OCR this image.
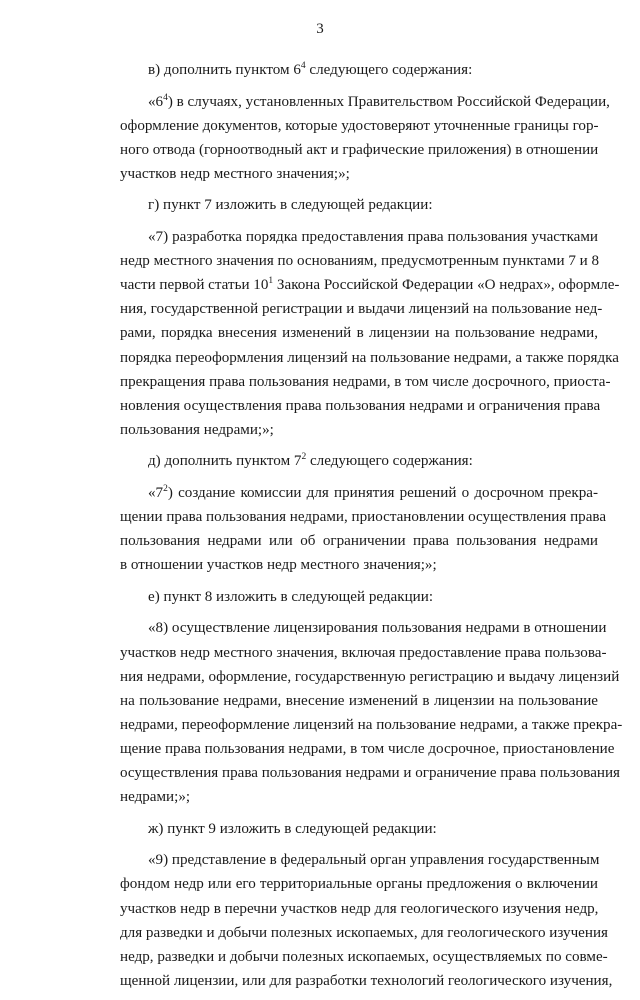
3
в) дополнить пунктом $6^4$ следующего содержания:
«$6^4$) в случаях, установленных Правительством Российской Федерации,
оформление документов, которые удостоверяют уточненные границы гор-
ного отвода (горноотводный акт и графические приложения) в отношении
участков недр местного значения;»;
г) пункт 7 изложить в следующей редакции:
«7) разработка порядка предоставления права пользования участками
недр местного значения по основаниям, предусмотренным пунктами 7 и 8
части первой статьи $10^1$ Закона Российской Федерации «О недрах», оформле-
ния, государственной регистрации и выдачи лицензий на пользование нед-
рами, порядка внесения изменений в лицензии на пользование недрами,
порядка переоформления лицензий на пользование недрами, а также порядка
прекращения права пользования недрами, в том числе досрочного, приоста-
новления осуществления права пользования недрами и ограничения права
пользования недрами;»;
д) дополнить пунктом $7^2$ следующего содержания:
«$7^2$) создание комиссии для принятия решений о досрочном прекра-
щении права пользования недрами, приостановлении осуществления права
пользования недрами или об ограничении права пользования недрами
в отношении участков недр местного значения;»;
е) пункт 8 изложить в следующей редакции:
«8) осуществление лицензирования пользования недрами в отношении
участков недр местного значения, включая предоставление права пользова-
ния недрами, оформление, государственную регистрацию и выдачу лицензий
на пользование недрами, внесение изменений в лицензии на пользование
недрами, переоформление лицензий на пользование недрами, а также прекра-
щение права пользования недрами, в том числе досрочное, приостановление
осуществления права пользования недрами и ограничение права пользования
недрами;»;
ж) пункт 9 изложить в следующей редакции:
«9) представление в федеральный орган управления государственным
фондом недр или его территориальные органы предложения о включении
участков недр в перечни участков недр для геологического изучения недр,
для разведки и добычи полезных ископаемых, для геологического изучения
недр, разведки и добычи полезных ископаемых, осуществляемых по совме-
щенной лицензии, или для разработки технологий геологического изучения,
